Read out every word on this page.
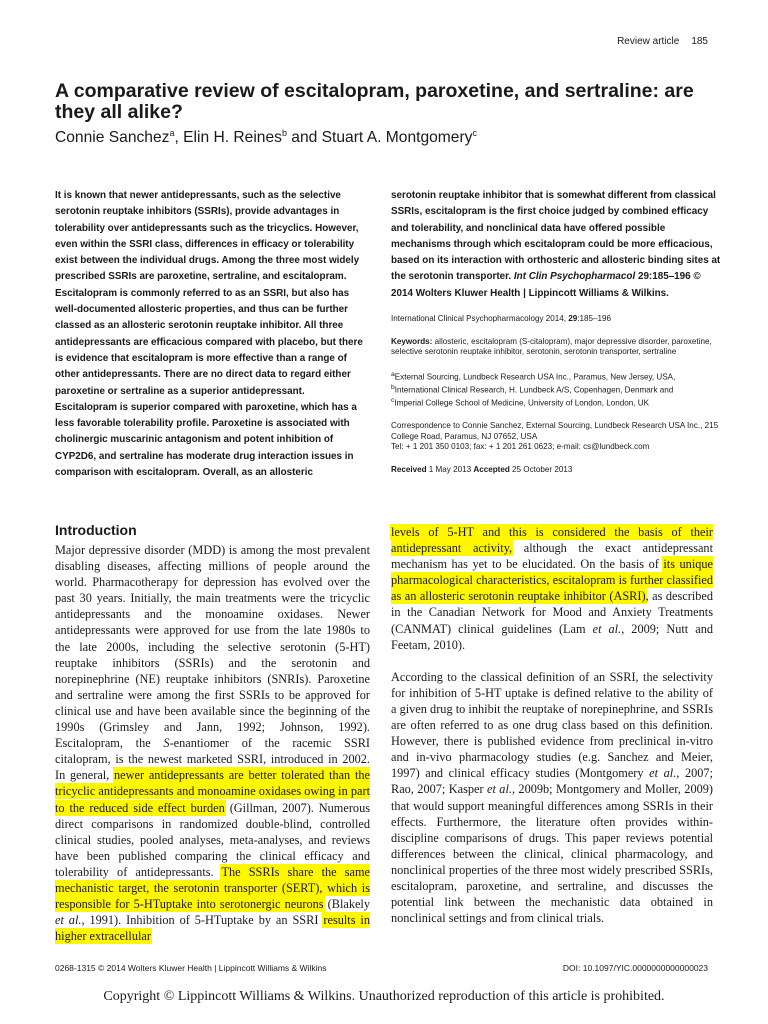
Review article 185
A comparative review of escitalopram, paroxetine, and sertraline: are they all alike?
Connie Sanchez$^a$, Elin H. Reines$^b$ and Stuart A. Montgomery$^c$
It is known that newer antidepressants, such as the selective serotonin reuptake inhibitors (SSRIs), provide advantages in tolerability over antidepressants such as the tricyclics. However, even within the SSRI class, differences in efficacy or tolerability exist between the individual drugs. Among the three most widely prescribed SSRIs are paroxetine, sertraline, and escitalopram. Escitalopram is commonly referred to as an SSRI, but also has well-documented allosteric properties, and thus can be further classed as an allosteric serotonin reuptake inhibitor. All three antidepressants are efficacious compared with placebo, but there is evidence that escitalopram is more effective than a range of other antidepressants. There are no direct data to regard either paroxetine or sertraline as a superior antidepressant. Escitalopram is superior compared with paroxetine, which has a less favorable tolerability profile. Paroxetine is associated with cholinergic muscarinic antagonism and potent inhibition of CYP2D6, and sertraline has moderate drug interaction issues in comparison with escitalopram. Overall, as an allosteric
serotonin reuptake inhibitor that is somewhat different from classical SSRIs, escitalopram is the first choice judged by combined efficacy and tolerability, and nonclinical data have offered possible mechanisms through which escitalopram could be more efficacious, based on its interaction with orthosteric and allosteric binding sites at the serotonin transporter. Int Clin Psychopharmacol 29:185–196 © 2014 Wolters Kluwer Health | Lippincott Williams & Wilkins.

International Clinical Psychopharmacology 2014, 29:185–196

Keywords: allosteric, escitalopram (S-citalopram), major depressive disorder, paroxetine, selective serotonin reuptake inhibitor, serotonin, serotonin transporter, sertraline

$^a$External Sourcing, Lundbeck Research USA Inc., Paramus, New Jersey, USA,

$^b$International Clinical Research, H. Lundbeck A/S, Copenhagen, Denmark and

$^c$Imperial College School of Medicine, University of London, London, UK

Correspondence to Connie Sanchez, External Sourcing, Lundbeck Research USA Inc., 215 College Road, Paramus, NJ 07652, USA

Tel: + 1 201 350 0103; fax: + 1 201 261 0623; e-mail: cs@lundbeck.com

Received 1 May 2013 Accepted 25 October 2013

Introduction

Major depressive disorder (MDD) is among the most prevalent disabling diseases, affecting millions of people around the world. Pharmacotherapy for depression has evolved over the past 30 years. Initially, the main treatments were the tricyclic antidepressants and the monoamine oxidases. Newer antidepressants were approved for use from the late 1980s to the late 2000s, including the selective serotonin (5-HT) reuptake inhibitors (SSRIs) and the serotonin and norepinephrine (NE) reuptake inhibitors (SNRIs). Paroxetine and sertraline were among the first SSRIs to be approved for clinical use and have been available since the beginning of the 1990s (Grimsley and Jann, 1992; Johnson, 1992). Escitalopram, the S-enantiomer of the racemic SSRI citalopram, is the newest marketed SSRI, introduced in 2002. In general, newer antidepressants are better tolerated than the tricyclic antidepressants and monoamine oxidases owing in part to the reduced side effect burden (Gillman, 2007). Numerous direct comparisons in randomized double-blind, controlled clinical studies, pooled analyses, meta-analyses, and reviews have been published comparing the clinical efficacy and tolerability of antidepressants. The SSRIs share the same mechanistic target, the serotonin transporter (SERT), which is responsible for 5-HTuptake into serotonergic neurons (Blakely et al., 1991). Inhibition of 5-HTuptake by an SSRI results in higher extracellular

levels of 5-HT and this is considered the basis of their antidepressant activity, although the exact antidepressant mechanism has yet to be elucidated. On the basis of its unique pharmacological characteristics, escitalopram is further classified as an allosteric serotonin reuptake inhibitor (ASRI), as described in the Canadian Network for Mood and Anxiety Treatments (CANMAT) clinical guidelines (Lam et al., 2009; Nutt and Feetam, 2010).

According to the classical definition of an SSRI, the selectivity for inhibition of 5-HT uptake is defined relative to the ability of a given drug to inhibit the reuptake of norepinephrine, and SSRIs are often referred to as one drug class based on this definition. However, there is published evidence from preclinical in-vitro and in-vivo pharmacology studies (e.g. Sanchez and Meier, 1997) and clinical efficacy studies (Montgomery et al., 2007; Rao, 2007; Kasper et al., 2009b; Montgomery and Moller, 2009) that would support meaningful differences among SSRIs in their effects. Furthermore, the literature often provides within-discipline comparisons of drugs. This paper reviews potential differences between the clinical, clinical pharmacology, and nonclinical properties of the three most widely prescribed SSRIs, escitalopram, paroxetine, and sertraline, and discusses the potential link between the mechanistic data obtained in nonclinical settings and from clinical trials.

0268-1315 © 2014 Wolters Kluwer Health | Lippincott Williams & Wilkins	DOI: 10.1097/YIC.0000000000000023
Copyright © Lippincott Williams & Wilkins. Unauthorized reproduction of this article is prohibited.
